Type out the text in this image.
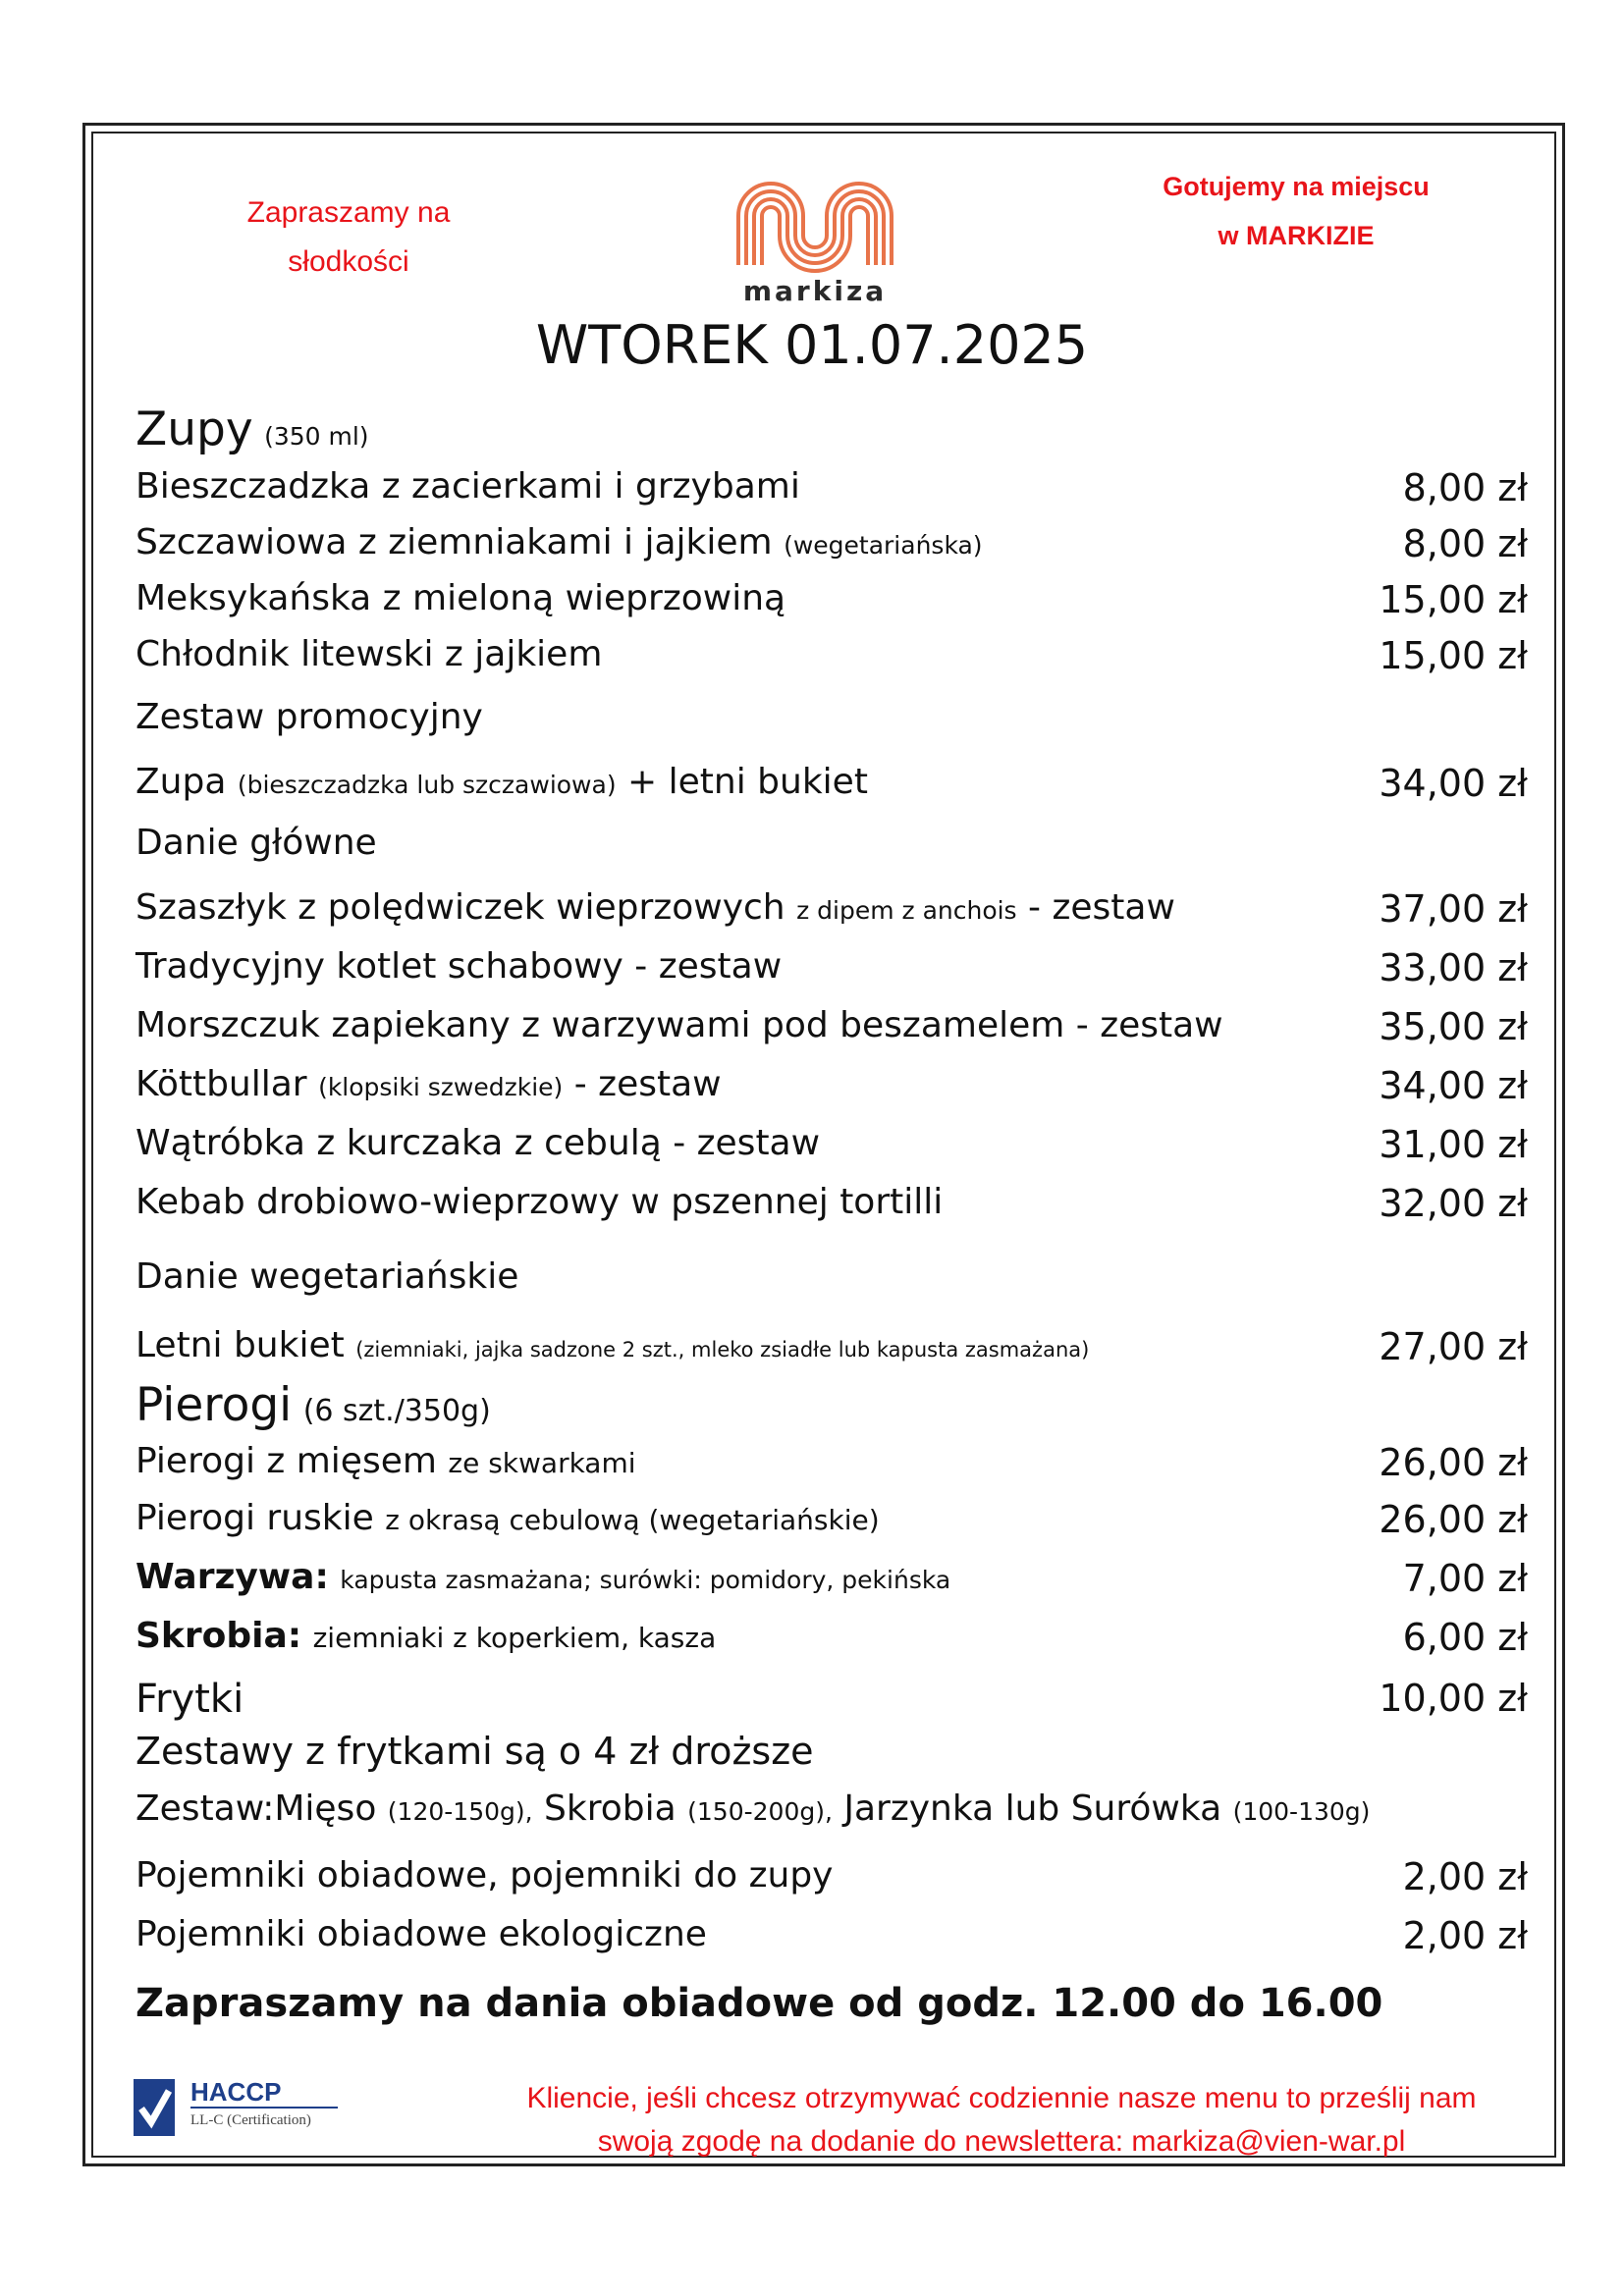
Zapraszamy na
słodkości
markiza
Gotujemy na miejscu
w MARKIZIE
WTOREK 01.07.2025
Zupy (350 ml)
Bieszczadzka z zacierkami i grzybami	8,00 zł
Szczawiowa z ziemniakami i jajkiem (wegetariańska)	8,00 zł
Meksykańska z mieloną wieprzowiną	15,00 zł
Chłodnik litewski z jajkiem	15,00 zł
Zestaw promocyjny
Zupa (bieszczadzka lub szczawiowa) + letni bukiet	34,00 zł
Danie główne
Szaszłyk z polędwiczek wieprzowych z dipem z anchois - zestaw	37,00 zł
Tradycyjny kotlet schabowy - zestaw	33,00 zł
Morszczuk zapiekany z warzywami pod beszamelem - zestaw	35,00 zł
Köttbullar (klopsiki szwedzkie) - zestaw	34,00 zł
Wątróbka z kurczaka z cebulą - zestaw	31,00 zł
Kebab drobiowo-wieprzowy w pszennej tortilli	32,00 zł
Danie wegetariańskie
Letni bukiet (ziemniaki, jajka sadzone 2 szt., mleko zsiadłe lub kapusta zasmażana)	27,00 zł
Pierogi (6 szt./350g)
Pierogi z mięsem ze skwarkami	26,00 zł
Pierogi ruskie z okrasą cebulową (wegetariańskie)	26,00 zł
Warzywa: kapusta zasmażana; surówki: pomidory, pekińska	7,00 zł
Skrobia: ziemniaki z koperkiem, kasza	6,00 zł
Frytki	10,00 zł
Zestawy z frytkami są o 4 zł droższe
Zestaw:Mięso (120-150g), Skrobia (150-200g), Jarzynka lub Surówka (100-130g)
Pojemniki obiadowe, pojemniki do zupy	2,00 zł
Pojemniki obiadowe ekologiczne	2,00 zł
Zapraszamy na dania obiadowe od godz. 12.00 do 16.00
HACCP
LL-C (Certification)
Kliencie, jeśli chcesz otrzymywać codziennie nasze menu to prześlij nam
swoją zgodę na dodanie do newslettera: markiza@vien-war.pl
